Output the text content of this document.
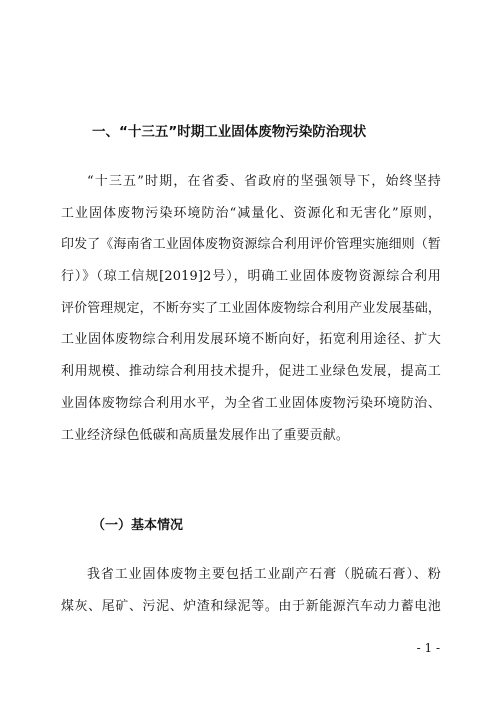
一、“十三五”时期工业固体废物污染防治现状
“十三五”时期，在省委、省政府的坚强领导下，始终坚持
工业固体废物污染环境防治“减量化、资源化和无害化”原则，
印发了《海南省工业固体废物资源综合利用评价管理实施细则（暂
行）》（琼工信规[2019]2号），明确工业固体废物资源综合利用
评价管理规定，不断夯实了工业固体废物综合利用产业发展基础，
工业固体废物综合利用发展环境不断向好，拓宽利用途径、扩大
利用规模、推动综合利用技术提升，促进工业绿色发展，提高工
业固体废物综合利用水平，为全省工业固体废物污染环境防治、
工业经济绿色低碳和高质量发展作出了重要贡献。
（一）基本情况
我省工业固体废物主要包括工业副产石膏（脱硫石膏）、粉
煤灰、尾矿、污泥、炉渣和绿泥等。由于新能源汽车动力蓄电池
- 1 -
